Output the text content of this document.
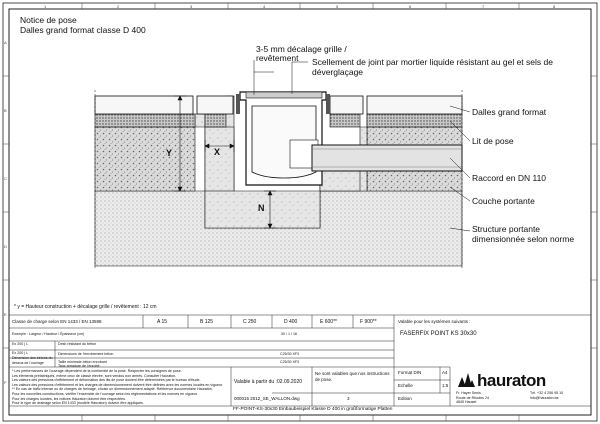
Notice de pose
Dalles grand format classe D 400
3-5 mm décalage grille / revêtement	Scellement de joint par mortier liquide résistant au gel et sels de déverglaçage
Dalles grand format
Lit de pose
Raccord en DN 110
Couche portante
Structure portante dimensionnée selon norme
X
Y
N
* y = Hauteur construction + décalage grille / revêtement : 12 cm
1	2	3	4	5	6	7	8
A
B
C
D
E
F
Classe de charge selon EN 1433 / EN 13598	A 15	B 125	C 250	D 400	E 600**	F 900**	Valable pour les systèmes suivants :
FASERFIX POINT KS 30x30
Exemple : Largeur / Hauteur / Épaisseur (cm)	30 / 1 / 16
Ex 200 | L	Desh résistant du béton
Ex 200 | L
Dimension des bétons du dessus de l'ouvrage
Dimensions de l'enrobement béton	C25/30 XF3
Taille minimale béton enrobant	C25/30 XF3
Taux armature de l'enrobé
* Les performances de l'ouvrage dépendent de la conformité de la pose. Respecter les consignes de pose.
Les éléments préfabriqués, même ceux de classe élevée, sont vendus non armés. Consulter Hauraton.
Les valeurs des pressions d'effritement et déformation des lits de pose doivent être déterminées par le bureau d'étude.
Les valeurs des pressions d'effritement et les charges de dimensionnement doivent être définies avec les normes locales en vigueur.
** En cas de trafic intense ou de charges de freinage, choisir un dimensionnement adapté. Référence documentaire Hauraton.
Pour les nouvelles constructions, vérifier l'ensemble de l'ouvrage selon les réglementations et les normes en vigueur.
Pour les charges lourdes, les notices Hauraton doivent être respectées.
Pour le type de drainage selon EN 1433 (modèle Hauraton) doivent être appliqués.
Valable à partir du : 02.09.2020
Ne sont valables que nos instructions de pose.
000015 2012_SE_WALLON.dwg	3
Format DIN	A4
Echelle	1:5
Edition
FF-POINT-KS-30x30 Einbaubeispiel Klasse D 400 in großformatige Platten
hauraton
Fr. Hayer Senis
Route de Rhodes 24
4845 Hauset
Tél. +32 4 256 95 10
info@hauraton.be
